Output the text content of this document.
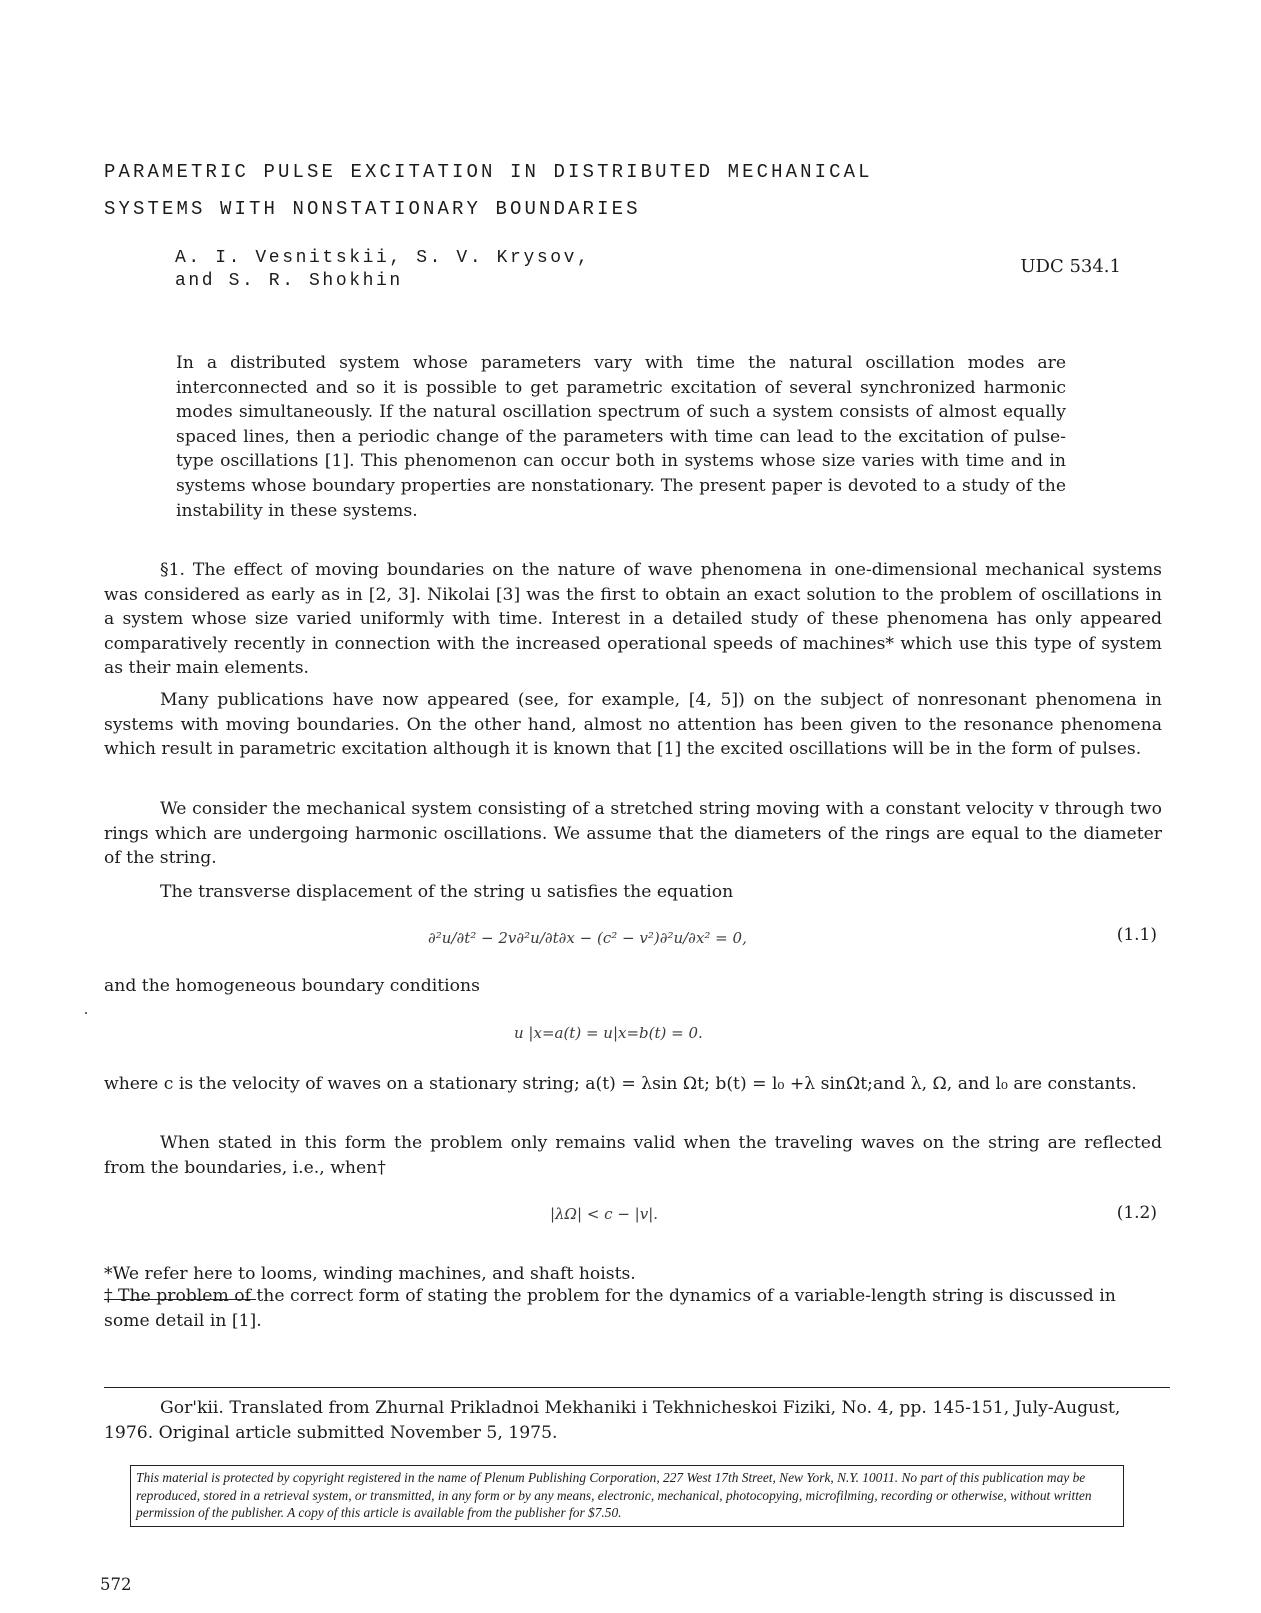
PARAMETRIC PULSE EXCITATION IN DISTRIBUTED MECHANICAL
SYSTEMS WITH NONSTATIONARY BOUNDARIES
A. I. Vesnitskii, S. V. Krysov,
and S. R. Shokhin
UDC 534.1
In a distributed system whose parameters vary with time the natural oscillation modes are interconnected and so it is possible to get parametric excitation of several synchronized harmonic modes simultaneously. If the natural oscillation spectrum of such a system consists of almost equally spaced lines, then a periodic change of the parameters with time can lead to the excitation of pulse-type oscillations [1]. This phenomenon can occur both in systems whose size varies with time and in systems whose boundary properties are nonstationary. The present paper is devoted to a study of the instability in these systems.
§1. The effect of moving boundaries on the nature of wave phenomena in one-dimensional mechanical systems was considered as early as in [2, 3]. Nikolai [3] was the first to obtain an exact solution to the problem of oscillations in a system whose size varied uniformly with time. Interest in a detailed study of these phenomena has only appeared comparatively recently in connection with the increased operational speeds of machines* which use this type of system as their main elements.
Many publications have now appeared (see, for example, [4, 5]) on the subject of nonresonant phenomena in systems with moving boundaries. On the other hand, almost no attention has been given to the resonance phenomena which result in parametric excitation although it is known that [1] the excited oscillations will be in the form of pulses.
We consider the mechanical system consisting of a stretched string moving with a constant velocity v through two rings which are undergoing harmonic oscillations. We assume that the diameters of the rings are equal to the diameter of the string.
The transverse displacement of the string u satisfies the equation
∂²u/∂t² − 2v∂²u/∂t∂x − (c² − v²)∂²u/∂x² = 0,	(1.1)
and the homogeneous boundary conditions
u |x=a(t) = u|x=b(t) = 0.
where c is the velocity of waves on a stationary string; a(t) = λsin Ωt; b(t) = l₀ +λ sinΩt;and λ, Ω, and l₀ are constants.
When stated in this form the problem only remains valid when the traveling waves on the string are reflected from the boundaries, i.e., when†
|λΩ| < c − |v|.	(1.2)
*We refer here to looms, winding machines, and shaft hoists.
† The problem of the correct form of stating the problem for the dynamics of a variable-length string is discussed in some detail in [1].
Gor'kii. Translated from Zhurnal Prikladnoi Mekhaniki i Tekhnicheskoi Fiziki, No. 4, pp. 145-151, July-August, 1976. Original article submitted November 5, 1975.
This material is protected by copyright registered in the name of Plenum Publishing Corporation, 227 West 17th Street, New York, N.Y. 10011. No part of this publication may be reproduced, stored in a retrieval system, or transmitted, in any form or by any means, electronic, mechanical, photocopying, microfilming, recording or otherwise, without written permission of the publisher. A copy of this article is available from the publisher for $7.50.
572
